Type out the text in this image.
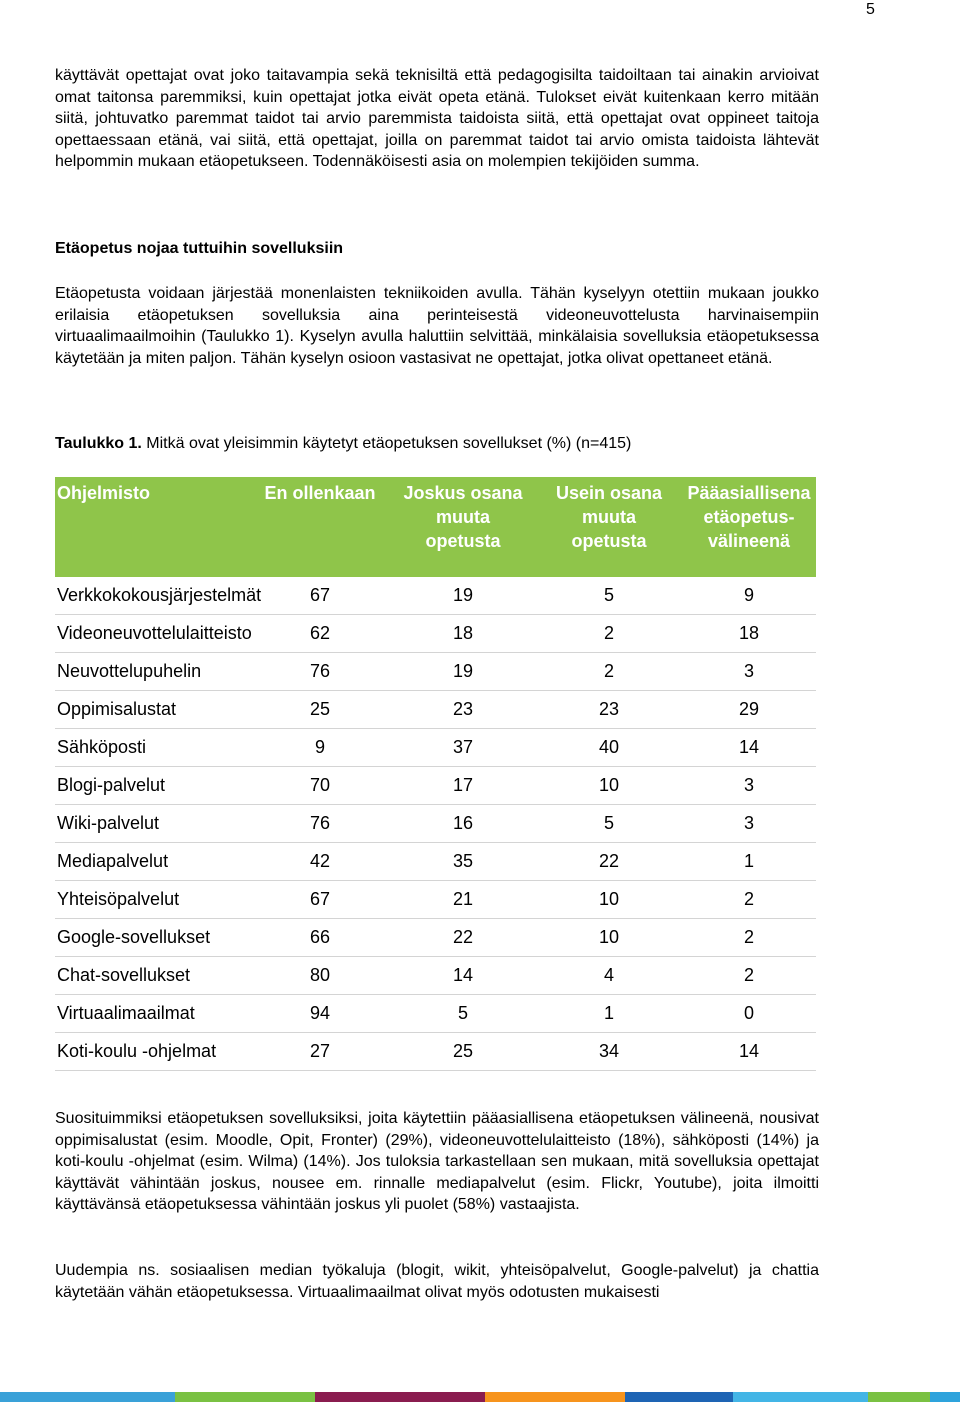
5

käyttävät opettajat ovat joko taitavampia sekä teknisiltä että pedagogisilta taidoiltaan tai ainakin arvioivat omat taitonsa paremmiksi, kuin opettajat jotka eivät opeta etänä. Tulokset eivät kuitenkaan kerro mitään siitä, johtuvatko paremmat taidot tai arvio paremmista taidoista siitä, että opettajat ovat oppineet taitoja opettaessaan etänä, vai siitä, että opettajat, joilla on paremmat taidot tai arvio omista taidoista lähtevät helpommin mukaan etäopetukseen. Todennäköisesti asia on molempien tekijöiden summa.

Etäopetus nojaa tuttuihin sovelluksiin

Etäopetusta voidaan järjestää monenlaisten tekniikoiden avulla. Tähän kyselyyn otettiin mukaan joukko erilaisia etäopetuksen sovelluksia aina perinteisestä videoneuvottelusta harvinaisempiin virtuaalimaailmoihin (Taulukko 1). Kyselyn avulla haluttiin selvittää, minkälaisia sovelluksia etäopetuksessa käytetään ja miten paljon. Tähän kyselyn osioon vastasivat ne opettajat, jotka olivat opettaneet etänä.

Taulukko 1. Mitkä ovat yleisimmin käytetyt etäopetuksen sovellukset (%) (n=415)

Ohjelmisto	En ollenkaan	Joskus osana muuta opetusta	Usein osana muuta opetusta	Pääasiallisena etäopetus-välineenä
Verkkokokousjärjestelmät	67	19	5	9
Videoneuvottelulaitteisto	62	18	2	18
Neuvottelupuhelin	76	19	2	3
Oppimisalustat	25	23	23	29
Sähköposti	9	37	40	14
Blogi-palvelut	70	17	10	3
Wiki-palvelut	76	16	5	3
Mediapalvelut	42	35	22	1
Yhteisöpalvelut	67	21	10	2
Google-sovellukset	66	22	10	2
Chat-sovellukset	80	14	4	2
Virtuaalimaailmat	94	5	1	0
Koti-koulu -ohjelmat	27	25	34	14

Suosituimmiksi etäopetuksen sovelluksiksi, joita käytettiin pääasiallisena etäopetuksen välineenä, nousivat oppimisalustat (esim. Moodle, Opit, Fronter) (29%), videoneuvottelulaitteisto (18%), sähköposti (14%) ja koti-koulu -ohjelmat (esim. Wilma) (14%). Jos tuloksia tarkastellaan sen mukaan, mitä sovelluksia opettajat käyttävät vähintään joskus, nousee em. rinnalle mediapalvelut (esim. Flickr, Youtube), joita ilmoitti käyttävänsä etäopetuksessa vähintään joskus yli puolet (58%) vastaajista.

Uudempia ns. sosiaalisen median työkaluja (blogit, wikit, yhteisöpalvelut, Google-palvelut) ja chattia käytetään vähän etäopetuksessa. Virtuaalimaailmat olivat myös odotusten mukaisesti
